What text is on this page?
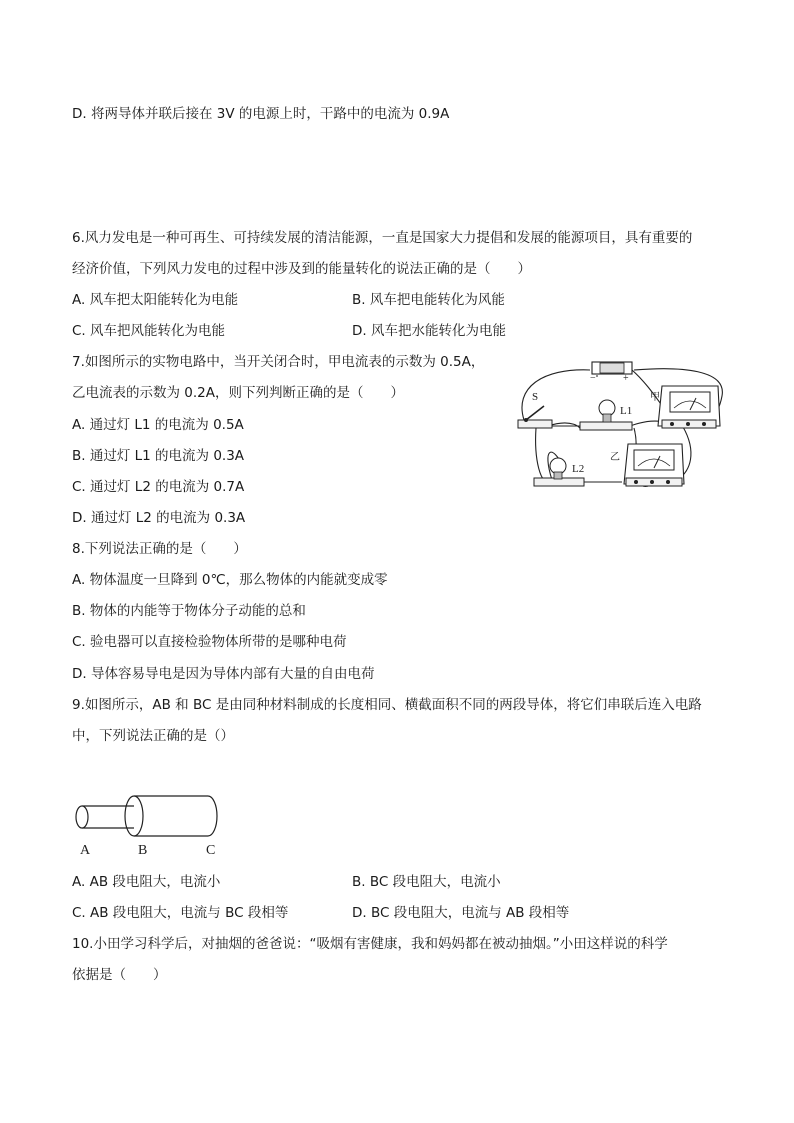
D. 将两导体并联后接在 3V 的电源上时，干路中的电流为 0.9A
6.风力发电是一种可再生、可持续发展的清洁能源，一直是国家大力提倡和发展的能源项目，具有重要的
经济价值，下列风力发电的过程中涉及到的能量转化的说法正确的是（　　）
A. 风车把太阳能转化为电能	B. 风车把电能转化为风能
C. 风车把风能转化为电能	D. 风车把水能转化为电能
7.如图所示的实物电路中，当开关闭合时，甲电流表的示数为 0.5A，
乙电流表的示数为 0.2A，则下列判断正确的是（　　）
A. 通过灯 L1 的电流为 0.5A
B. 通过灯 L1 的电流为 0.3A
C. 通过灯 L2 的电流为 0.7A
D. 通过灯 L2 的电流为 0.3A
−	+
S
L1
甲
L2
乙
8.下列说法正确的是（　　）
A. 物体温度一旦降到 0℃，那么物体的内能就变成零
B. 物体的内能等于物体分子动能的总和
C. 验电器可以直接检验物体所带的是哪种电荷
D. 导体容易导电是因为导体内部有大量的自由电荷
9.如图所示，AB 和 BC 是由同种材料制成的长度相同、横截面积不同的两段导体，将它们串联后连入电路
中，下列说法正确的是（）
A	B	C
A. AB 段电阻大，电流小	B. BC 段电阻大，电流小
C. AB 段电阻大，电流与 BC 段相等	D. BC 段电阻大，电流与 AB 段相等
10.小田学习科学后，对抽烟的爸爸说：“吸烟有害健康，我和妈妈都在被动抽烟。”小田这样说的科学
依据是（　　）
